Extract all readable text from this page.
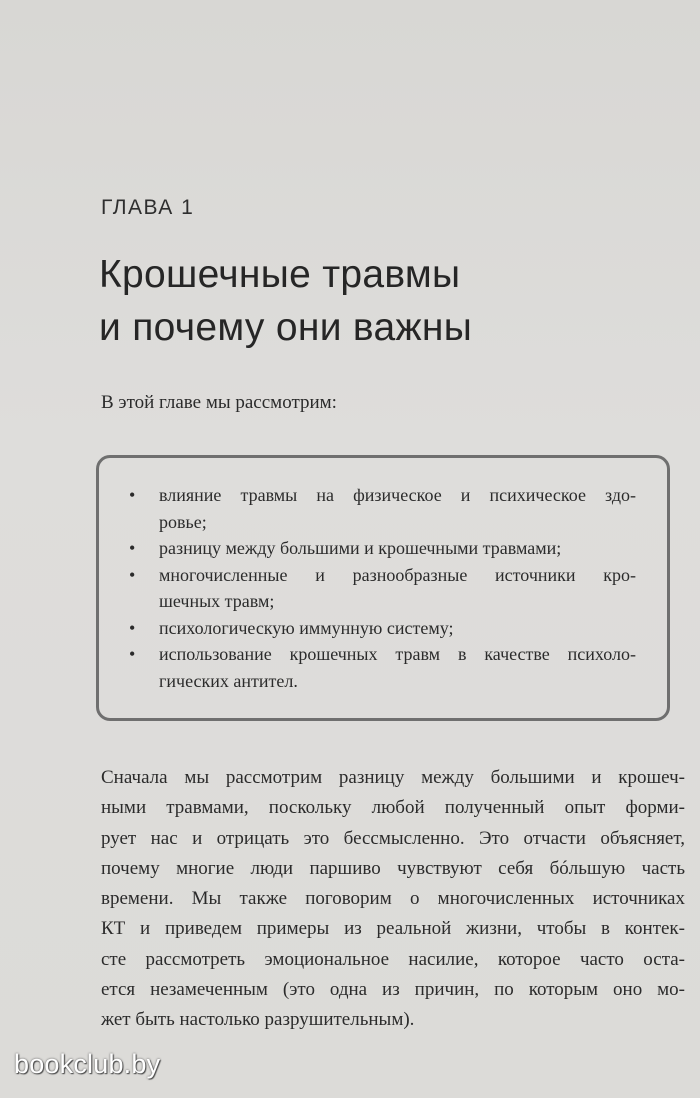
ГЛАВА 1
Крошечные травмы
и почему они важны
В этой главе мы рассмотрим:
• влияние травмы на физическое и психическое здо-
ровье;
• разницу между большими и крошечными травмами;
• многочисленные и разнообразные источники кро-
шечных травм;
• психологическую иммунную систему;
• использование крошечных травм в качестве психоло-
гических антител.
Сначала мы рассмотрим разницу между большими и крошеч-
ными травмами, поскольку любой полученный опыт форми-
рует нас и отрицать это бессмысленно. Это отчасти объясняет,
почему многие люди паршиво чувствуют себя бóльшую часть
времени. Мы также поговорим о многочисленных источниках
КТ и приведем примеры из реальной жизни, чтобы в контек-
сте рассмотреть эмоциональное насилие, которое часто оста-
ется незамеченным (это одна из причин, по которым оно мо-
жет быть настолько разрушительным).
bookclub.by
